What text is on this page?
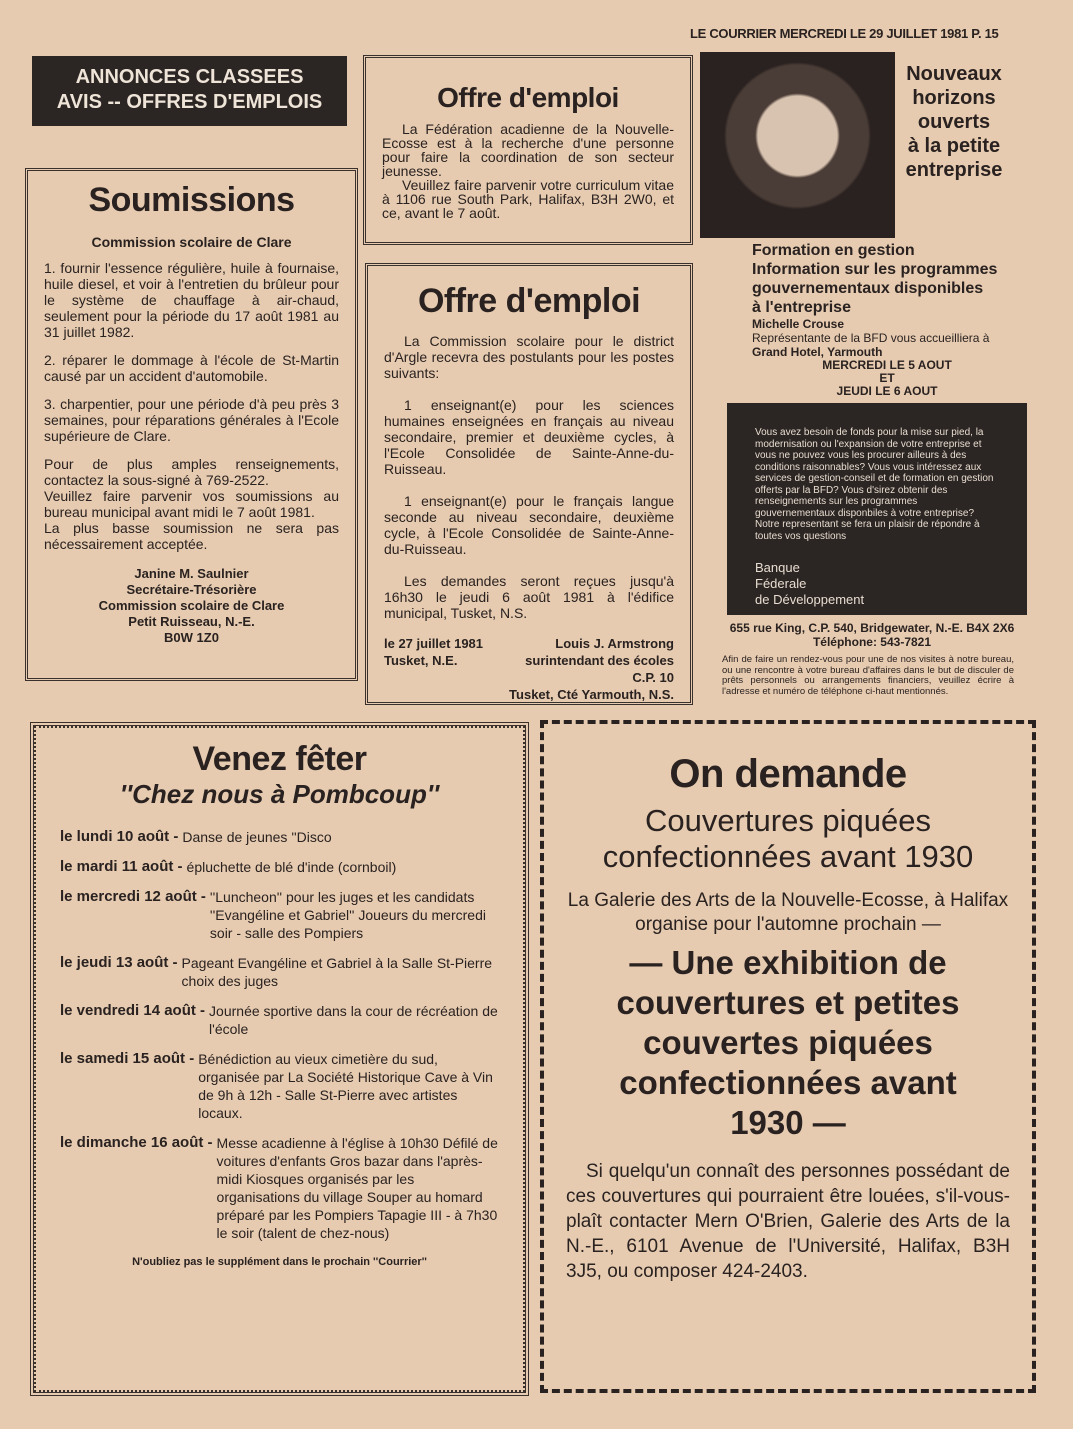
LE COURRIER MERCREDI LE 29 JUILLET 1981 P. 15
ANNONCES CLASSEES
AVIS -- OFFRES D'EMPLOIS
Soumissions

Commission scolaire de Clare

1. fournir l'essence régulière, huile à fournaise, huile diesel, et voir à l'entretien du brûleur pour le système de chauffage à air-chaud, seulement pour la période du 17 août 1981 au 31 juillet 1982.

2. réparer le dommage à l'école de St-Martin causé par un accident d'automobile.

3. charpentier, pour une période d'à peu près 3 semaines, pour réparations générales à l'Ecole supérieure de Clare.

Pour de plus amples renseignements, contactez la sous-signé à 769-2522.

Veuillez faire parvenir vos soumissions au bureau municipal avant midi le 7 août 1981.

La plus basse soumission ne sera pas nécessairement acceptée.

Janine M. Saulnier
Secrétaire-Trésorière
Commission scolaire de Clare
Petit Ruisseau, N.-E.
B0W 1Z0
Offre d'emploi

La Fédération acadienne de la Nouvelle-Ecosse est à la recherche d'une personne pour faire la coordination de son secteur jeunesse.

Veuillez faire parvenir votre curriculum vitae à 1106 rue South Park, Halifax, B3H 2W0, et ce, avant le 7 août.

Offre d'emploi

La Commission scolaire pour le district d'Argle recevra des postulants pour les postes suivants:

1 enseignant(e) pour les sciences humaines enseignées en français au niveau secondaire, premier et deuxième cycles, à l'Ecole Consolidée de Sainte-Anne-du-Ruisseau.

1 enseignant(e) pour le français langue seconde au niveau secondaire, deuxième cycle, à l'Ecole Consolidée de Sainte-Anne-du-Ruisseau.

Les demandes seront reçues jusqu'à 16h30 le jeudi 6 août 1981 à l'édifice municipal, Tusket, N.S.

le 27 juillet 1981
Tusket, N.E.
Louis J. Armstrong
surintendant des écoles
C.P. 10
Tusket, Cté Yarmouth, N.S.
Nouveaux
horizons
ouverts
à la petite
entreprise
Formation en gestion
Information sur les programmes
gouvernementaux disponibles
à l'entreprise
Michelle Crouse
Représentante de la BFD vous accueilliera à
Grand Hotel, Yarmouth
MERCREDI LE 5 AOUT
ET
JEUDI LE 6 AOUT
Vous avez besoin de fonds pour la mise sur pied, la modernisation ou l'expansion de votre entreprise et vous ne pouvez vous les procurer ailleurs à des conditions raisonnables? Vous vous intéressez aux services de gestion-conseil et de formation en gestion offerts par la BFD? Vous d'sirez obtenir des renseignements sur les programmes gouvernementaux disponbiles à votre entreprise? Notre representant se fera un plaisir de répondre à toutes vos questions
Banque
Féderale
de Développement
655 rue King, C.P. 540, Bridgewater, N.-E. B4X 2X6
Téléphone: 543-7821

Afin de faire un rendez-vous pour une de nos visites à notre bureau, ou une rencontre à votre bureau d'affaires dans le but de disculer de prêts personnels ou arrangements financiers, veuillez écrire à l'adresse et numéro de téléphone ci-haut mentionnés.

Venez fêter
''Chez nous à Pombcoup''
le lundi 10 août - Danse de jeunes ''Disco
le mardi 11 août - épluchette de blé d'inde (cornboil)
le mercredi 12 août - ''Luncheon'' pour les juges et les candidats ''Evangéline et Gabriel'' Joueurs du mercredi soir - salle des Pompiers
le jeudi 13 août - Pageant Evangéline et Gabriel à la Salle St-Pierre choix des juges
le vendredi 14 août - Journée sportive dans la cour de récréation de l'école
le samedi 15 août - Bénédiction au vieux cimetière du sud, organisée par La Société Historique Cave à Vin de 9h à 12h - Salle St-Pierre avec artistes locaux.
le dimanche 16 août - Messe acadienne à l'église à 10h30 Défilé de voitures d'enfants Gros bazar dans l'après-midi Kiosques organisés par les organisations du village Souper au homard préparé par les Pompiers Tapagie III - à 7h30 le soir (talent de chez-nous)
N'oubliez pas le supplément dans le prochain ''Courrier''
On demande
Couvertures piquées confectionnées avant 1930
La Galerie des Arts de la Nouvelle-Ecosse, à Halifax organise pour l'automne prochain —
— Une exhibition de couvertures et petites couvertes piquées confectionnées avant 1930 —

Si quelqu'un connaît des personnes possédant de ces couvertures qui pourraient être louées, s'il-vous-plaît contacter Mern O'Brien, Galerie des Arts de la N.-E., 6101 Avenue de l'Université, Halifax, B3H 3J5, ou composer 424-2403.
